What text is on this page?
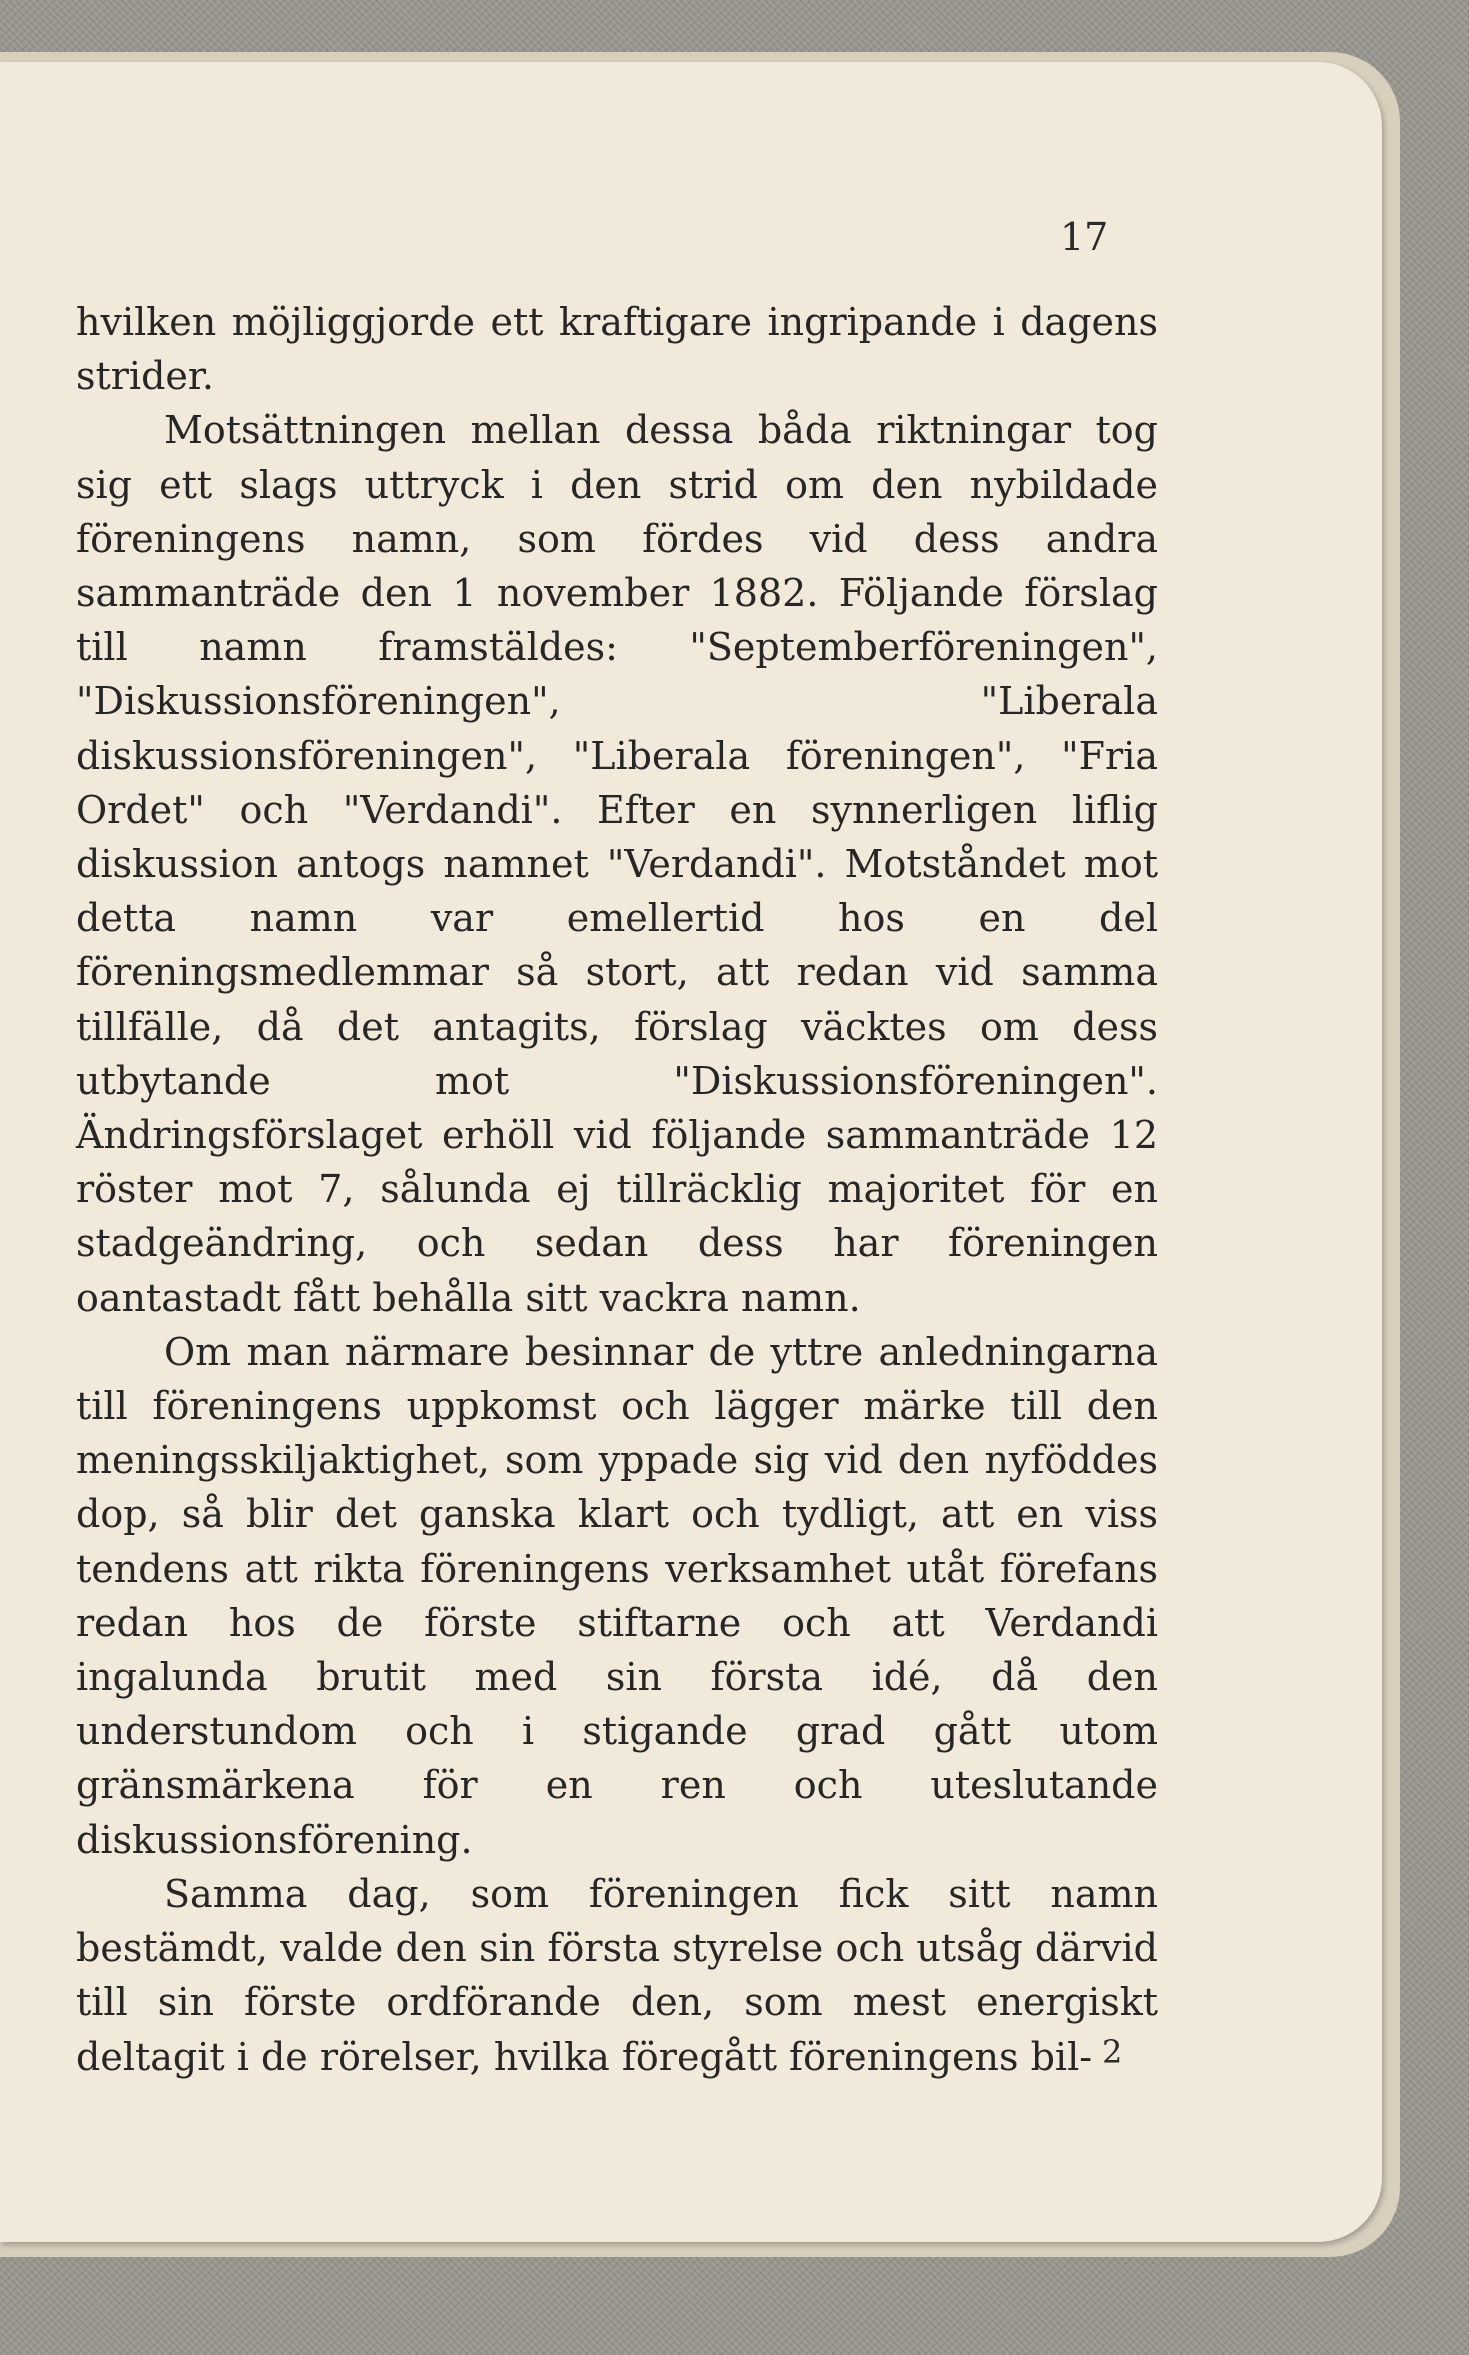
17

hvilken möjliggjorde ett kraftigare ingripande i dagens strider.

Motsättningen mellan dessa båda riktningar tog sig ett slags uttryck i den strid om den nybildade föreningens namn, som fördes vid dess andra sammanträde den 1 november 1882. Följande förslag till namn framstäldes: "Septemberföreningen", "Diskussionsföreningen", "Liberala diskussionsföreningen", "Liberala föreningen", "Fria Ordet" och "Verdandi". Efter en synnerligen liflig diskussion antogs namnet "Verdandi". Motståndet mot detta namn var emellertid hos en del föreningsmedlemmar så stort, att redan vid samma tillfälle, då det antagits, förslag väcktes om dess utbytande mot "Diskussionsföreningen". Ändringsförslaget erhöll vid följande sammanträde 12 röster mot 7, sålunda ej tillräcklig majoritet för en stadgeändring, och sedan dess har föreningen oantastadt fått behålla sitt vackra namn.

Om man närmare besinnar de yttre anledningarna till föreningens uppkomst och lägger märke till den meningsskiljaktighet, som yppade sig vid den nyföddes dop, så blir det ganska klart och tydligt, att en viss tendens att rikta föreningens verksamhet utåt förefans redan hos de förste stiftarne och att Verdandi ingalunda brutit med sin första idé, då den understundom och i stigande grad gått utom gränsmärkena för en ren och uteslutande diskussionsförening.

Samma dag, som föreningen fick sitt namn bestämdt, valde den sin första styrelse och utsåg därvid till sin förste ordförande den, som mest energiskt deltagit i de rörelser, hvilka föregått föreningens bil- 2
